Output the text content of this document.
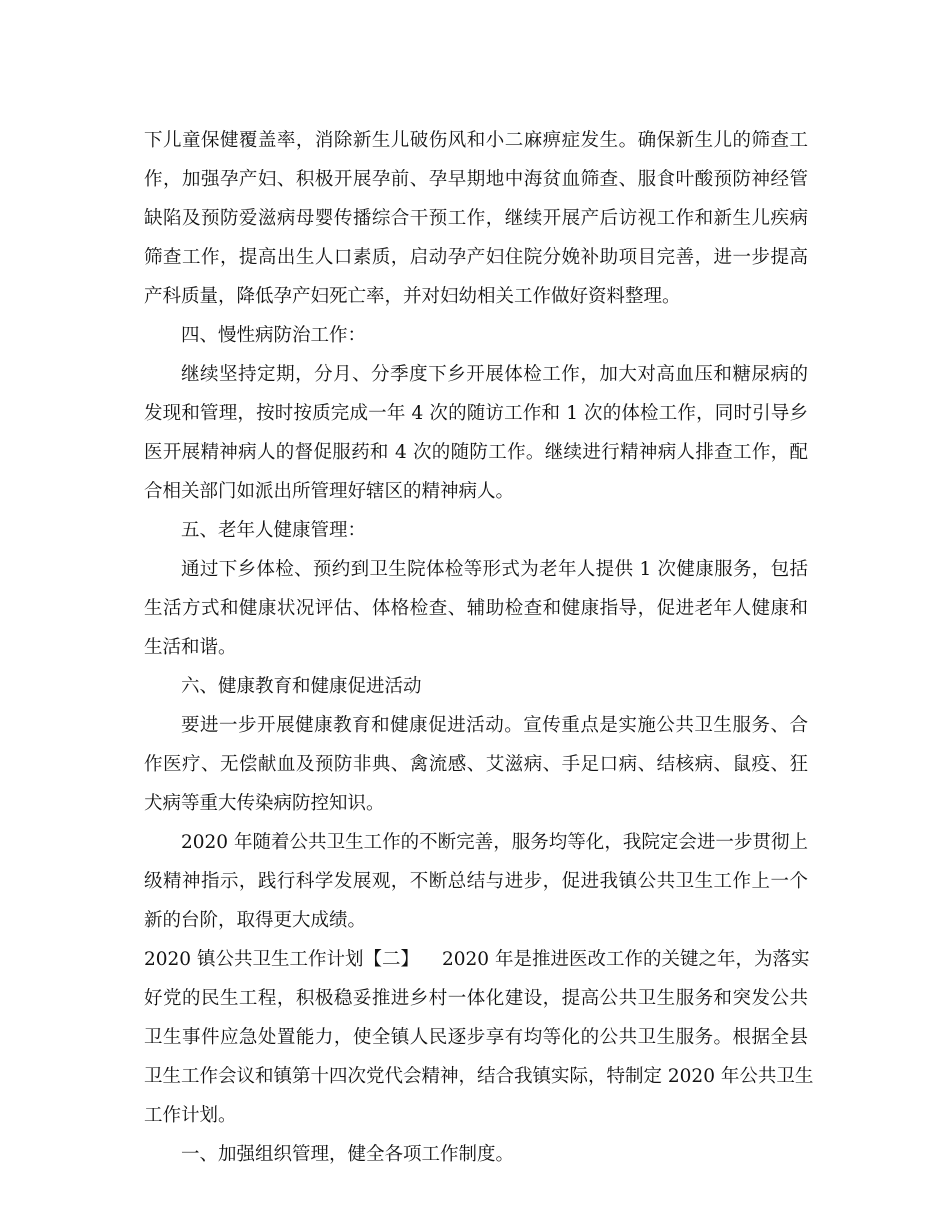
下儿童保健覆盖率，消除新生儿破伤风和小二麻痹症发生。确保新生儿的筛查工
作，加强孕产妇、积极开展孕前、孕早期地中海贫血筛查、服食叶酸预防神经管
缺陷及预防爱滋病母婴传播综合干预工作，继续开展产后访视工作和新生儿疾病
筛查工作，提高出生人口素质，启动孕产妇住院分娩补助项目完善，进一步提高
产科质量，降低孕产妇死亡率，并对妇幼相关工作做好资料整理。
四、慢性病防治工作：
继续坚持定期，分月、分季度下乡开展体检工作，加大对高血压和糖尿病的
发现和管理，按时按质完成一年 4 次的随访工作和 1 次的体检工作，同时引导乡
医开展精神病人的督促服药和 4 次的随防工作。继续进行精神病人排查工作，配
合相关部门如派出所管理好辖区的精神病人。
五、老年人健康管理：
通过下乡体检、预约到卫生院体检等形式为老年人提供 1 次健康服务，包括
生活方式和健康状况评估、体格检查、辅助检查和健康指导，促进老年人健康和
生活和谐。
六、健康教育和健康促进活动
要进一步开展健康教育和健康促进活动。宣传重点是实施公共卫生服务、合
作医疗、无偿献血及预防非典、禽流感、艾滋病、手足口病、结核病、鼠疫、狂
犬病等重大传染病防控知识。
2020 年随着公共卫生工作的不断完善，服务均等化，我院定会进一步贯彻上
级精神指示，践行科学发展观，不断总结与进步，促进我镇公共卫生工作上一个
新的台阶，取得更大成绩。
2020 镇公共卫生工作计划【二】 2020 年是推进医改工作的关键之年，为落实
好党的民生工程，积极稳妥推进乡村一体化建设，提高公共卫生服务和突发公共
卫生事件应急处置能力，使全镇人民逐步享有均等化的公共卫生服务。根据全县
卫生工作会议和镇第十四次党代会精神，结合我镇实际，特制定 2020 年公共卫生
工作计划。
一、加强组织管理，健全各项工作制度。
